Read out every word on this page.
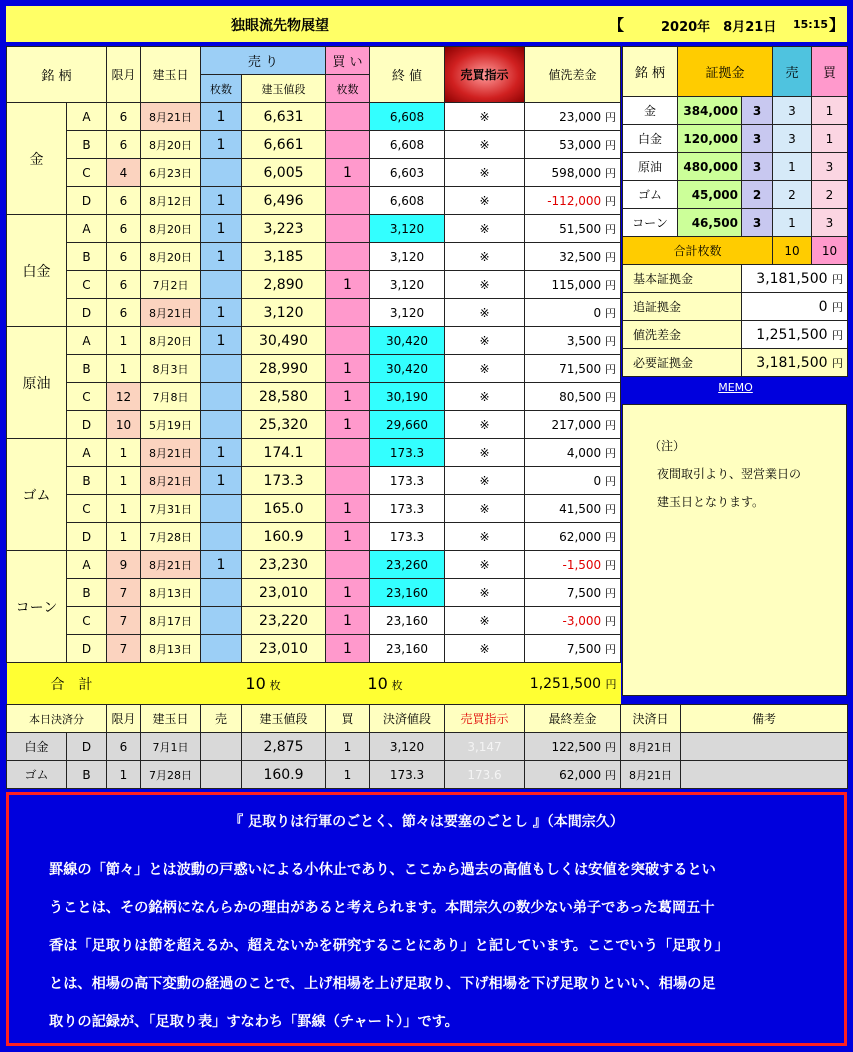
独眼流先物展望	【	2020年　8月21日 15:15 】
銘 柄		限月	建玉日	売 り		買 い	終 値	売買指示	値洗差金
				枚数	建玉値段	枚数			
金	A	6	8月21日	1	6,631		6,608	※	23,000 円
	B	6	8月20日	1	6,661		6,608	※	53,000 円
	C	4	6月23日		6,005	1	6,603	※	598,000 円
	D	6	8月12日	1	6,496		6,608	※	-112,000 円
白金	A	6	8月20日	1	3,223		3,120	※	51,500 円
	B	6	8月20日	1	3,185		3,120	※	32,500 円
	C	6	7月2日		2,890	1	3,120	※	115,000 円
	D	6	8月21日	1	3,120		3,120	※	0 円
原油	A	1	8月20日	1	30,490		30,420	※	3,500 円
	B	1	8月3日		28,990	1	30,420	※	71,500 円
	C	12	7月8日		28,580	1	30,190	※	80,500 円
	D	10	5月19日		25,320	1	29,660	※	217,000 円
ゴム	A	1	8月21日	1	174.1		173.3	※	4,000 円
	B	1	8月21日	1	173.3		173.3	※	0 円
	C	1	7月31日		165.0	1	173.3	※	41,500 円
	D	1	7月28日		160.9	1	173.3	※	62,000 円
コーン	A	9	8月21日	1	23,230		23,260	※	-1,500 円
	B	7	8月13日		23,010	1	23,160	※	7,500 円
	C	7	8月17日		23,220	1	23,160	※	-3,000 円
	D	7	8月13日		23,010	1	23,160	※	7,500 円
合　計				10 枚		10 枚		1,251,500 円	
銘 柄	証拠金		売	買
金	384,000	3	3	1
白金	120,000	3	3	1
原油	480,000	3	1	3
ゴム	45,000	2	2	2
コーン	46,500	3	1	3
合計枚数			10	10
基本証拠金		3,181,500 円		
追証拠金		0 円		
値洗差金		1,251,500 円		
必要証拠金		3,181,500 円		
MEMO
（注）
夜間取引より、翌営業日の
建玉日となります。
本日決済分		限月	建玉日	売	建玉値段	買	決済値段	売買指示	最終差金	決済日	備考
白金	D	6	7月1日		2,875	1	3,120	3,147	122,500 円	8月21日	
ゴム	B	1	7月28日		160.9	1	173.3	173.6	62,000 円	8月21日	
『 足取りは行軍のごとく、節々は要塞のごとし 』（本間宗久）
罫線の「節々」とは波動の戸惑いによる小休止であり、ここから過去の高値もしくは安値を突破するとい
うことは、その銘柄になんらかの理由があると考えられます。本間宗久の数少ない弟子であった葛岡五十
香は「足取りは節を超えるか、超えないかを研究することにあり」と記しています。ここでいう「足取り」
とは、相場の高下変動の経過のことで、上げ相場を上げ足取り、下げ相場を下げ足取りといい、相場の足
取りの記録が、「足取り表」すなわち「罫線（チャート）」です。
